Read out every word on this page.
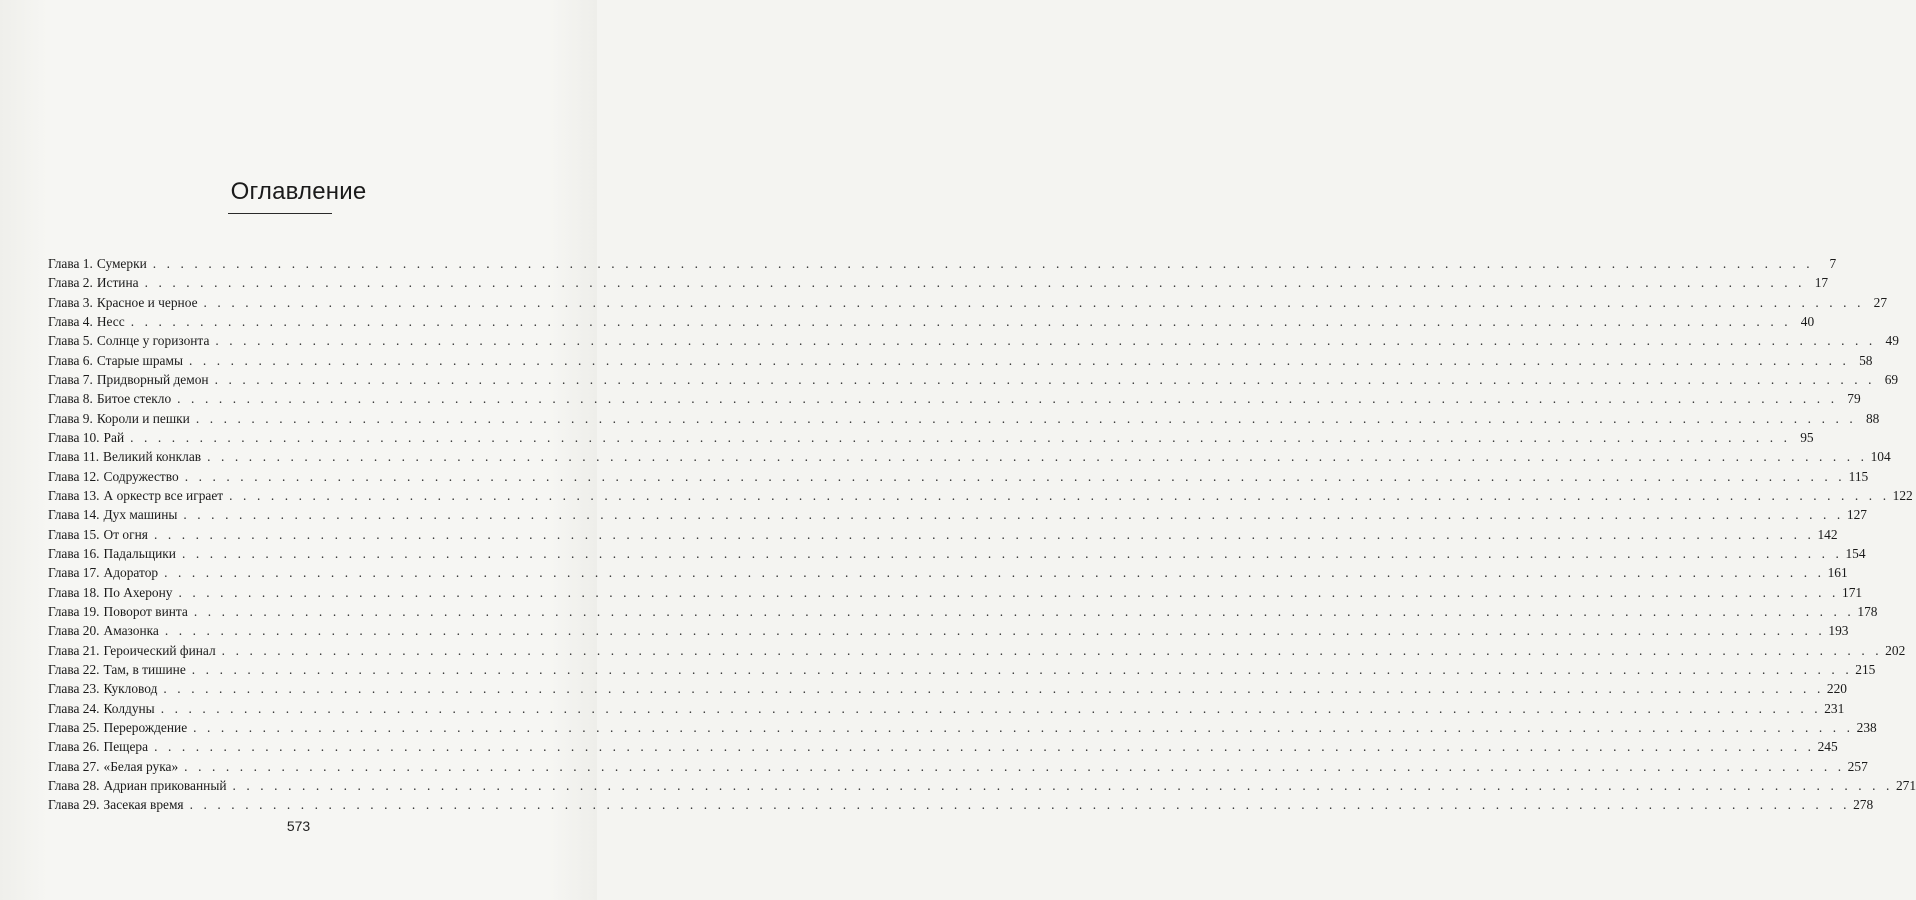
Оглавление
Глава 1. Сумерки . . . . . . . . . . . . . . . . . . . . . . . . . . . . . . . . . . . . . . . . . . . . . . . . . . . . . . . . . . . . . . . . . . . . . . . . . . . . . . . . . . . . . . . . . . . . . . . . . . . . . . . . . . . . . . . . . . . . . . . .	7
Глава 2. Истина . . . . . . . . . . . . . . . . . . . . . . . . . . . . . . . . . . . . . . . . . . . . . . . . . . . . . . . . . . . . . . . . . . . . . . . . . . . . . . . . . . . . . . . . . . . . . . . . . . . . . . . . . . . . . . . . . . . . . . . . 17
Глава 3. Красное и черное . . . . . . . . . . . . . . . . . . . . . . . . . . . . . . . . . . . . . . . . . . . . . . . . . . . . . . . . . . . . . . . . . . . . . . . . . . . . . . . . . . . . . . . . . . . . . . . . . . . . . . . . . . . . . . . . . . . . . . . . 27
Глава 4. Несс . . . . . . . . . . . . . . . . . . . . . . . . . . . . . . . . . . . . . . . . . . . . . . . . . . . . . . . . . . . . . . . . . . . . . . . . . . . . . . . . . . . . . . . . . . . . . . . . . . . . . . . . . . . . . . . . . . . . . . . . 40
Глава 5. Солнце у горизонта . . . . . . . . . . . . . . . . . . . . . . . . . . . . . . . . . . . . . . . . . . . . . . . . . . . . . . . . . . . . . . . . . . . . . . . . . . . . . . . . . . . . . . . . . . . . . . . . . . . . . . . . . . . . . . . . . . . . . . . . 49
Глава 6. Старые шрамы . . . . . . . . . . . . . . . . . . . . . . . . . . . . . . . . . . . . . . . . . . . . . . . . . . . . . . . . . . . . . . . . . . . . . . . . . . . . . . . . . . . . . . . . . . . . . . . . . . . . . . . . . . . . . . . . . . . . . . . . 58
Глава 7. Придворный демон . . . . . . . . . . . . . . . . . . . . . . . . . . . . . . . . . . . . . . . . . . . . . . . . . . . . . . . . . . . . . . . . . . . . . . . . . . . . . . . . . . . . . . . . . . . . . . . . . . . . . . . . . . . . . . . . . . . . . . . . 69
Глава 8. Битое стекло . . . . . . . . . . . . . . . . . . . . . . . . . . . . . . . . . . . . . . . . . . . . . . . . . . . . . . . . . . . . . . . . . . . . . . . . . . . . . . . . . . . . . . . . . . . . . . . . . . . . . . . . . . . . . . . . . . . . . . . . 79
Глава 9. Короли и пешки . . . . . . . . . . . . . . . . . . . . . . . . . . . . . . . . . . . . . . . . . . . . . . . . . . . . . . . . . . . . . . . . . . . . . . . . . . . . . . . . . . . . . . . . . . . . . . . . . . . . . . . . . . . . . . . . . . . . . . . . 88
Глава 10. Рай . . . . . . . . . . . . . . . . . . . . . . . . . . . . . . . . . . . . . . . . . . . . . . . . . . . . . . . . . . . . . . . . . . . . . . . . . . . . . . . . . . . . . . . . . . . . . . . . . . . . . . . . . . . . . . . . . . . . . . . . 95
Глава 11. Великий конклав . . . . . . . . . . . . . . . . . . . . . . . . . . . . . . . . . . . . . . . . . . . . . . . . . . . . . . . . . . . . . . . . . . . . . . . . . . . . . . . . . . . . . . . . . . . . . . . . . . . . . . . . . . . . . . . . . . . . . . . . 104
Глава 12. Содружество . . . . . . . . . . . . . . . . . . . . . . . . . . . . . . . . . . . . . . . . . . . . . . . . . . . . . . . . . . . . . . . . . . . . . . . . . . . . . . . . . . . . . . . . . . . . . . . . . . . . . . . . . . . . . . . . . . . . . . . . 115
Глава 13. А оркестр все играет . . . . . . . . . . . . . . . . . . . . . . . . . . . . . . . . . . . . . . . . . . . . . . . . . . . . . . . . . . . . . . . . . . . . . . . . . . . . . . . . . . . . . . . . . . . . . . . . . . . . . . . . . . . . . . . . . . . . . . . . 122
Глава 14. Дух машины . . . . . . . . . . . . . . . . . . . . . . . . . . . . . . . . . . . . . . . . . . . . . . . . . . . . . . . . . . . . . . . . . . . . . . . . . . . . . . . . . . . . . . . . . . . . . . . . . . . . . . . . . . . . . . . . . . . . . . . . 127
Глава 15. От огня . . . . . . . . . . . . . . . . . . . . . . . . . . . . . . . . . . . . . . . . . . . . . . . . . . . . . . . . . . . . . . . . . . . . . . . . . . . . . . . . . . . . . . . . . . . . . . . . . . . . . . . . . . . . . . . . . . . . . . . . 142
Глава 16. Падальщики . . . . . . . . . . . . . . . . . . . . . . . . . . . . . . . . . . . . . . . . . . . . . . . . . . . . . . . . . . . . . . . . . . . . . . . . . . . . . . . . . . . . . . . . . . . . . . . . . . . . . . . . . . . . . . . . . . . . . . . . 154
Глава 17. Адоратор . . . . . . . . . . . . . . . . . . . . . . . . . . . . . . . . . . . . . . . . . . . . . . . . . . . . . . . . . . . . . . . . . . . . . . . . . . . . . . . . . . . . . . . . . . . . . . . . . . . . . . . . . . . . . . . . . . . . . . . . 161
Глава 18. По Ахерону . . . . . . . . . . . . . . . . . . . . . . . . . . . . . . . . . . . . . . . . . . . . . . . . . . . . . . . . . . . . . . . . . . . . . . . . . . . . . . . . . . . . . . . . . . . . . . . . . . . . . . . . . . . . . . . . . . . . . . . . 171
Глава 19. Поворот винта . . . . . . . . . . . . . . . . . . . . . . . . . . . . . . . . . . . . . . . . . . . . . . . . . . . . . . . . . . . . . . . . . . . . . . . . . . . . . . . . . . . . . . . . . . . . . . . . . . . . . . . . . . . . . . . . . . . . . . . . 178
Глава 20. Амазонка . . . . . . . . . . . . . . . . . . . . . . . . . . . . . . . . . . . . . . . . . . . . . . . . . . . . . . . . . . . . . . . . . . . . . . . . . . . . . . . . . . . . . . . . . . . . . . . . . . . . . . . . . . . . . . . . . . . . . . . . 193
Глава 21. Героический финал . . . . . . . . . . . . . . . . . . . . . . . . . . . . . . . . . . . . . . . . . . . . . . . . . . . . . . . . . . . . . . . . . . . . . . . . . . . . . . . . . . . . . . . . . . . . . . . . . . . . . . . . . . . . . . . . . . . . . . . . 202
Глава 22. Там, в тишине . . . . . . . . . . . . . . . . . . . . . . . . . . . . . . . . . . . . . . . . . . . . . . . . . . . . . . . . . . . . . . . . . . . . . . . . . . . . . . . . . . . . . . . . . . . . . . . . . . . . . . . . . . . . . . . . . . . . . . . . 215
Глава 23. Кукловод . . . . . . . . . . . . . . . . . . . . . . . . . . . . . . . . . . . . . . . . . . . . . . . . . . . . . . . . . . . . . . . . . . . . . . . . . . . . . . . . . . . . . . . . . . . . . . . . . . . . . . . . . . . . . . . . . . . . . . . . 220
Глава 24. Колдуны . . . . . . . . . . . . . . . . . . . . . . . . . . . . . . . . . . . . . . . . . . . . . . . . . . . . . . . . . . . . . . . . . . . . . . . . . . . . . . . . . . . . . . . . . . . . . . . . . . . . . . . . . . . . . . . . . . . . . . . . 231
Глава 25. Перерождение . . . . . . . . . . . . . . . . . . . . . . . . . . . . . . . . . . . . . . . . . . . . . . . . . . . . . . . . . . . . . . . . . . . . . . . . . . . . . . . . . . . . . . . . . . . . . . . . . . . . . . . . . . . . . . . . . . . . . . . . 238
Глава 26. Пещера . . . . . . . . . . . . . . . . . . . . . . . . . . . . . . . . . . . . . . . . . . . . . . . . . . . . . . . . . . . . . . . . . . . . . . . . . . . . . . . . . . . . . . . . . . . . . . . . . . . . . . . . . . . . . . . . . . . . . . . . 245
Глава 27. «Белая рука» . . . . . . . . . . . . . . . . . . . . . . . . . . . . . . . . . . . . . . . . . . . . . . . . . . . . . . . . . . . . . . . . . . . . . . . . . . . . . . . . . . . . . . . . . . . . . . . . . . . . . . . . . . . . . . . . . . . . . . . . 257
Глава 28. Адриан прикованный . . . . . . . . . . . . . . . . . . . . . . . . . . . . . . . . . . . . . . . . . . . . . . . . . . . . . . . . . . . . . . . . . . . . . . . . . . . . . . . . . . . . . . . . . . . . . . . . . . . . . . . . . . . . . . . . . . . . . . . . 271
Глава 29. Засекая время . . . . . . . . . . . . . . . . . . . . . . . . . . . . . . . . . . . . . . . . . . . . . . . . . . . . . . . . . . . . . . . . . . . . . . . . . . . . . . . . . . . . . . . . . . . . . . . . . . . . . . . . . . . . . . . . . . . . . . . . 278
573
